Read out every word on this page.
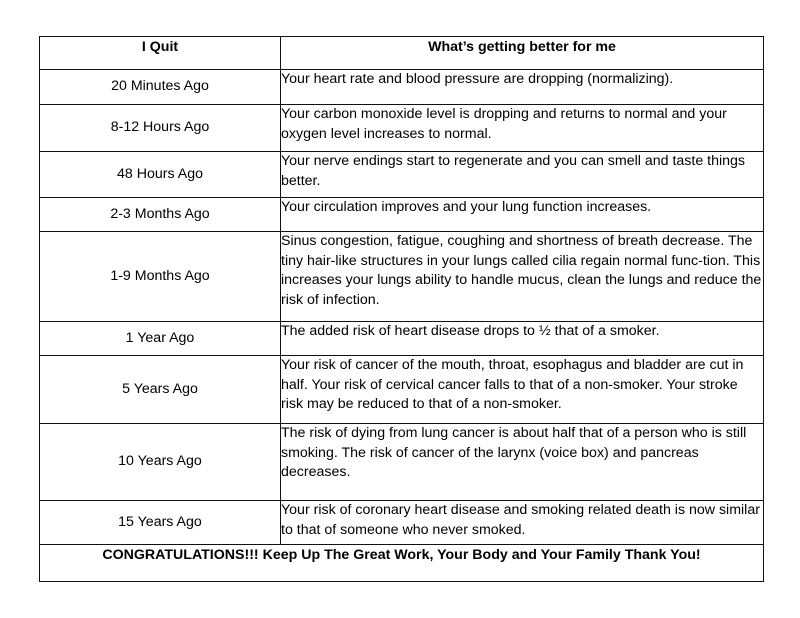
I Quit	What’s getting better for me
20 Minutes Ago	Your heart rate and blood pressure are dropping (normalizing).
8-12 Hours Ago	Your carbon monoxide level is dropping and returns to normal and your oxygen level increases to normal.
48 Hours Ago	Your nerve endings start to regenerate and you can smell and taste things better.
2-3 Months Ago	Your circulation improves and your lung function increases.
1-9 Months Ago	Sinus congestion, fatigue, coughing and shortness of breath decrease. The tiny hair-like structures in your lungs called cilia regain normal func-tion. This increases your lungs ability to handle mucus, clean the lungs and reduce the risk of infection.
1 Year Ago	The added risk of heart disease drops to ½ that of a smoker.
5 Years Ago	Your risk of cancer of the mouth, throat, esophagus and bladder are cut in half. Your risk of cervical cancer falls to that of a non-smoker. Your stroke risk may be reduced to that of a non-smoker.
10 Years Ago	The risk of dying from lung cancer is about half that of a person who is still smoking. The risk of cancer of the larynx (voice box) and pancreas decreases.
15 Years Ago	Your risk of coronary heart disease and smoking related death is now similar to that of someone who never smoked.
CONGRATULATIONS!!! Keep Up The Great Work, Your Body and Your Family Thank You!	
